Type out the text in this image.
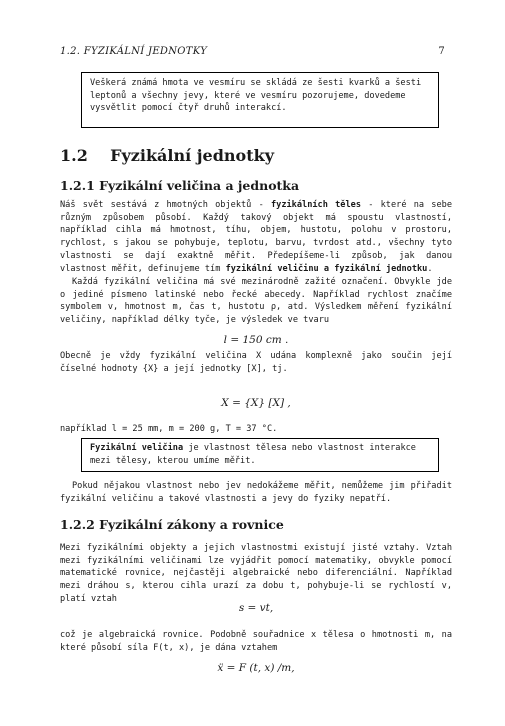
1.2. FYZIKÁLNÍ JEDNOTKY	7
Veškerá známá hmota ve vesmíru se skládá ze šesti kvarků a šesti leptonů a všechny jevy, které ve vesmíru pozorujeme, dovedeme vysvětlit pomocí čtyř druhů interakcí.
1.2 Fyzikální jednotky
1.2.1 Fyzikální veličina a jednotka

Náš svět sestává z hmotných objektů - fyzikálních těles - které na sebe různým způsobem působí. Každý takový objekt má spoustu vlastností, například cihla má hmotnost, tíhu, objem, hustotu, polohu v prostoru, rychlost, s jakou se pohybuje, teplotu, barvu, tvrdost atd., všechny tyto vlastnosti se dají exaktně měřit. Předepíšeme-li způsob, jak danou vlastnost měřit, definujeme tím fyzikální veličinu a fyzikální jednotku.

Každá fyzikální veličina má své mezinárodně zažité označení. Obvykle jde o jediné písmeno latinské nebo řecké abecedy. Například rychlost značíme symbolem v, hmotnost m, čas t, hustotu ρ, atd. Výsledkem měření fyzikální veličiny, například délky tyče, je výsledek ve tvaru

l = 150 cm .

Obecně je vždy fyzikální veličina X udána komplexně jako součin její číselné hodnoty {X} a její jednotky [X], tj.

X = {X} [X] ,

například l = 25 mm, m = 200 g, T = 37 °C.

Fyzikální veličina je vlastnost tělesa nebo vlastnost interakce mezi tělesy, kterou umíme měřit.

Pokud nějakou vlastnost nebo jev nedokážeme měřit, nemůžeme jim přiřadit fyzikální veličinu a takové vlastnosti a jevy do fyziky nepatří.

1.2.2 Fyzikální zákony a rovnice

Mezi fyzikálními objekty a jejich vlastnostmi existují jisté vztahy. Vztah mezi fyzikálními veličinami lze vyjádřit pomocí matematiky, obvykle pomocí matematické rovnice, nejčastěji algebraické nebo diferenciální. Například mezi dráhou s, kterou cihla urazí za dobu t, pohybuje-li se rychlostí v, platí vztah

s = vt,

což je algebraická rovnice. Podobně souřadnice x tělesa o hmotnosti m, na které působí síla F(t, x), je dána vztahem

ẍ = F (t, x) /m,
